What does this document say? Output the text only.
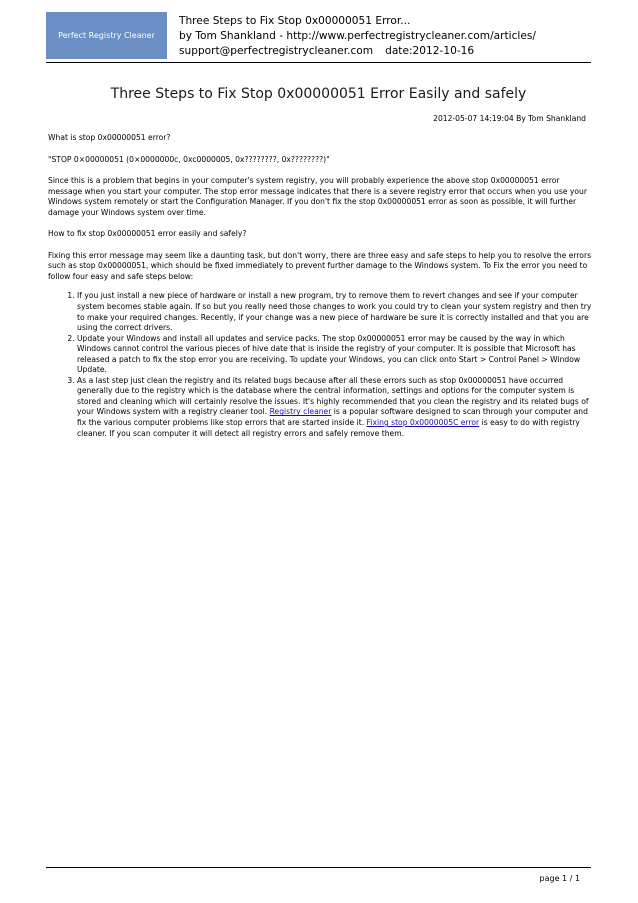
Perfect Registry Cleaner
Three Steps to Fix Stop 0x00000051 Error...
by Tom Shankland - http://www.perfectregistrycleaner.com/articles/
support@perfectregistrycleaner.com date:2012-10-16
Three Steps to Fix Stop 0x00000051 Error Easily and safely
2012-05-07 14:19:04 By Tom Shankland

What is stop 0x00000051 error?

"STOP 0×00000051 (0×0000000c, 0xc0000005, 0x????????, 0x????????)"

Since this is a problem that begins in your computer's system registry, you will probably experience the above stop 0x00000051 error message when you start your computer. The stop error message indicates that there is a severe registry error that occurs when you use your Windows system remotely or start the Configuration Manager. If you don't fix the stop 0x00000051 error as soon as possible, it will further damage your Windows system over time.

How to fix stop 0x00000051 error easily and safely?

Fixing this error message may seem like a daunting task, but don't worry, there are three easy and safe steps to help you to resolve the errors such as stop 0x00000051, which should be fixed immediately to prevent further damage to the Windows system. To Fix the error you need to follow four easy and safe steps below:

1. If you just install a new piece of hardware or install a new program, try to remove them to revert changes and see if your computer system becomes stable again. If so but you really need those changes to work you could try to clean your system registry and then try to make your required changes. Recently, if your change was a new piece of hardware be sure it is correctly installed and that you are using the correct drivers.
2. Update your Windows and install all updates and service packs. The stop 0x00000051 error may be caused by the way in which Windows cannot control the various pieces of hive date that is inside the registry of your computer. It is possible that Microsoft has released a patch to fix the stop error you are receiving. To update your Windows, you can click onto Start > Control Panel > Window Update.
3. As a last step just clean the registry and its related bugs because after all these errors such as stop 0x00000051 have occurred generally due to the registry which is the database where the central information, settings and options for the computer system is stored and cleaning which will certainly resolve the issues. It's highly recommended that you clean the registry and its related bugs of your Windows system with a registry cleaner tool. Registry cleaner is a popular software designed to scan through your computer and fix the various computer problems like stop errors that are started inside it. Fixing stop 0x0000005C error is easy to do with registry cleaner. If you scan computer it will detect all registry errors and safely remove them.
page 1 / 1
